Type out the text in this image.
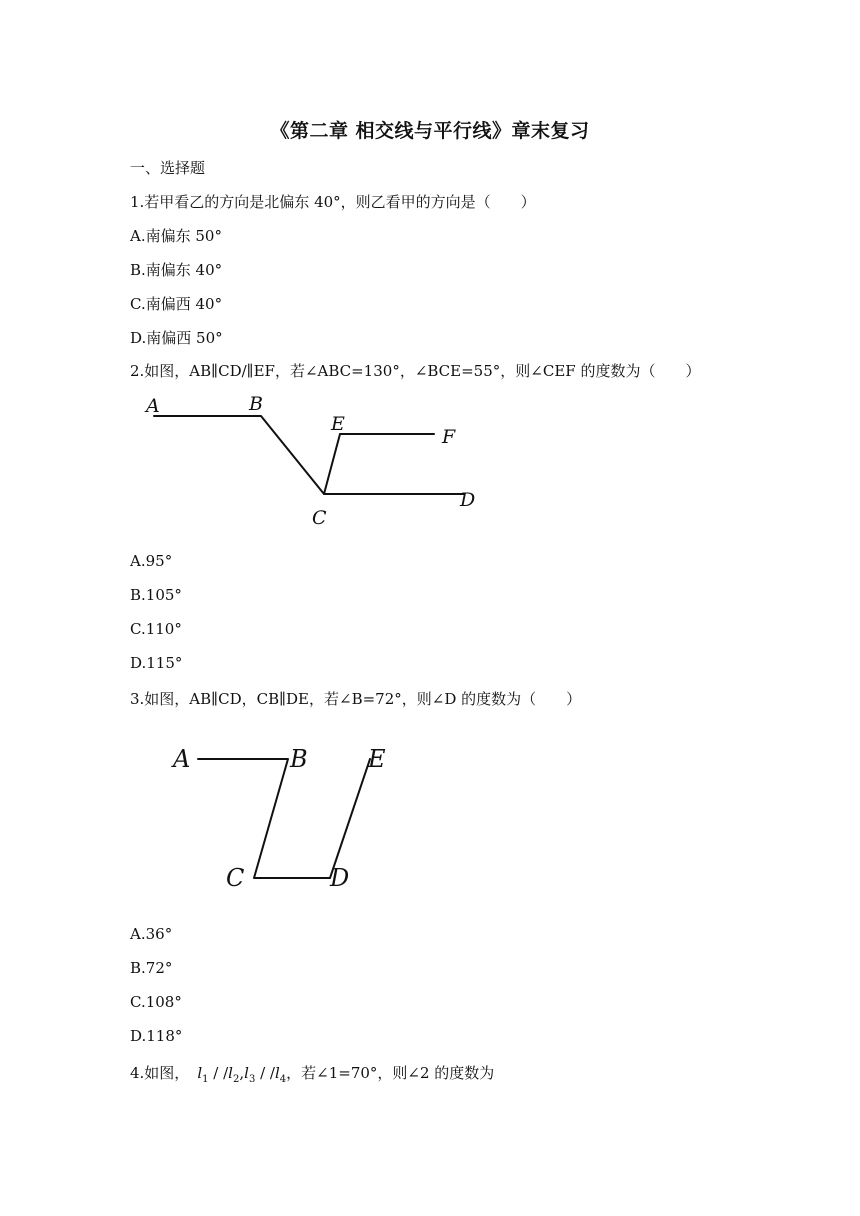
《第二章 相交线与平行线》章末复习
一、选择题
1.若甲看乙的方向是北偏东 40°，则乙看甲的方向是（　　）
A.南偏东 50°
B.南偏东 40°
C.南偏西 40°
D.南偏西 50°
2.如图，AB∥CD/∥EF，若∠ABC=130°，∠BCE=55°，则∠CEF 的度数为（　　）
A	B
E
F
C
D
A.95°
B.105°
C.110°
D.115°
3.如图，AB∥CD，CB∥DE，若∠B=72°，则∠D 的度数为（　　）
A	B	E
C	D
A.36°
B.72°
C.108°
D.118°
4.如图， $l_1 / /l_2,l_3 / /l_4$，若∠1=70°，则∠2 的度数为
